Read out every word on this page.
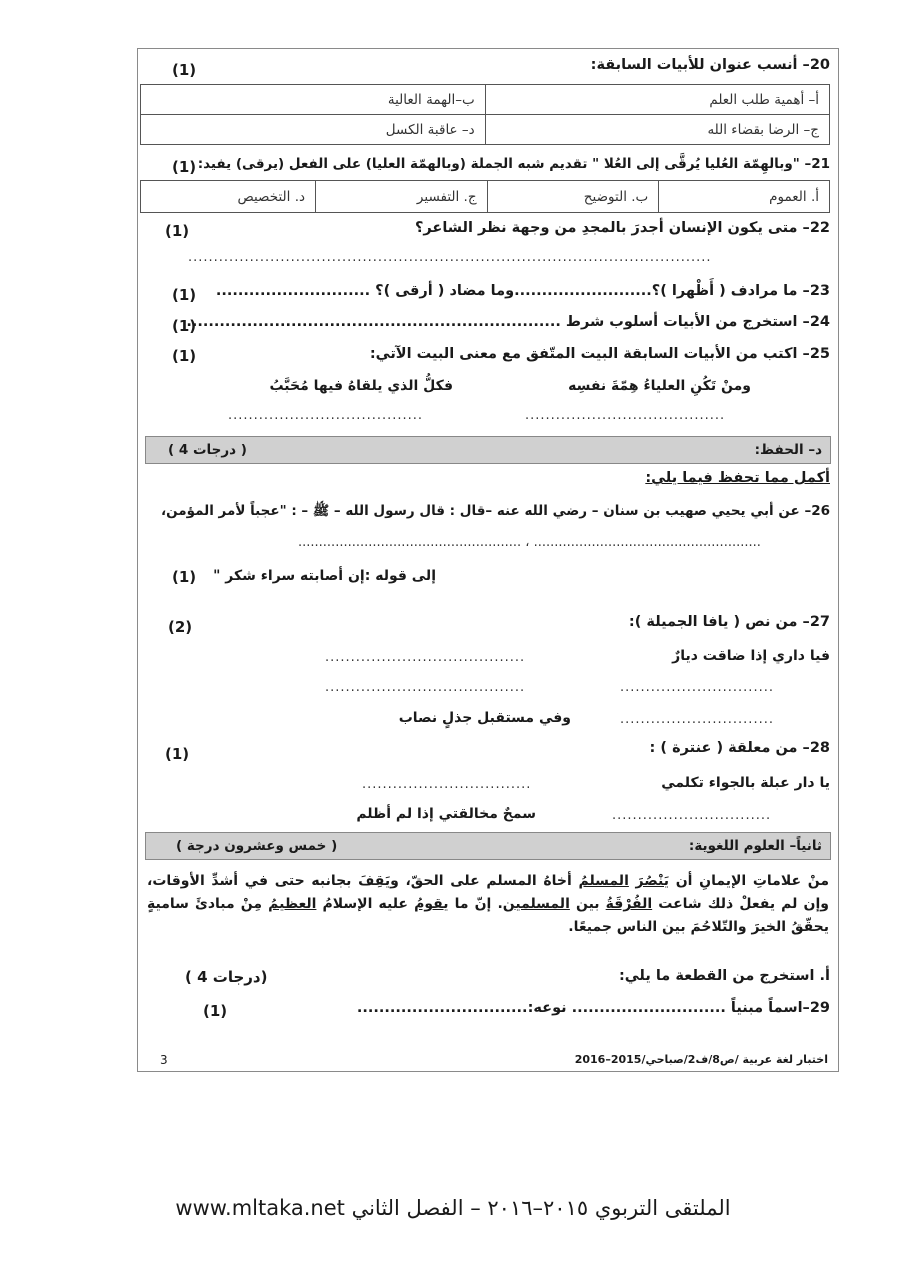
20– أنسب عنوان للأبيات السابقة:
(1)
أ– أهمية طلب العلم	ب–الهمة العالية
ج– الرضا بقضاء الله	د– عاقبة الكسل
21– "وبالهِمّة العُليا يُرقَّى إلى العُلا " تقديم شبه الجملة (وبالهمّة العليا) على الفعل (يرقى) يفيد:
(1)
أ. العموم	ب. التوضيح	ج. التفسير	د. التخصيص
22– متى يكون الإنسان أجدرَ بالمجدِ من وجهة نظر الشاعر؟
(1)
......................................................................................................
23– ما مرادف ( أَظْهرا )؟.........................وما مضاد ( أرقى )؟ ............................
(1)
24– استخرج من الأبيات أسلوب شرط ....................................................................
(1)
25– اكتب من الأبيات السابقة البيت المتّفق مع معنى البيت الآتي:
(1)
ومنْ تَكُنِ العلياءُ هِمّةَ نفسِه
فكلُّ الذي يلقاهُ فيها مُحَبَّبُ
.......................................
......................................
د– الحفظ:
( 4 درجات )
أكمل مما تحفظ فيما يلي:
26– عن أبي يحيي صهيب بن سنان – رضي الله عنه –قال : قال رسول الله – ﷺ – : "عجباً لأمر المؤمن،
...................................................... ، .......................................................
إلى قوله :إن أصابته سراء شكر "
(1)
27– من نص ( يافا الجميلة ):
(2)
فيا داري إذا ضاقت ديارٌ
.......................................
..............................
.......................................
..............................
وفي مستقبل جذلٍ نصاب
28– من معلقة ( عنترة ) :
(1)
يا دار عبلة بالجواء تكلمي
.................................
...............................
سمحٌ مخالقتي إذا لم أظلم
ثانياً– العلوم اللغوية:
( خمس وعشرون درجة )
منْ علاماتِ الإيمانِ أن يَنْصُرَ المسلمُ أخاهُ المسلم على الحقّ، ويَقِفَ بجانبه حتى في أشدِّ الأوقات، وإن لم يفعلْ ذلك شاعت الفُرْقَةُ بين المسلمين. إنّ ما يقومُ عليه الإسلامُ العظيمُ مِنْ مبادئَ ساميةٍ يحقّقُ الخيرَ والتّلاحُمَ بين الناس جميعًا.
أ. استخرج من القطعة ما يلي:
( 4 درجات)
29–اسماً مبنياً ............................ نوعه:...............................
(1)
3	اختبار لغة عربية /ص8/ف2/صباحي/2015–2016
الملتقى التربوي ٢٠١٥–٢٠١٦ – الفصل الثاني www.mltaka.net
